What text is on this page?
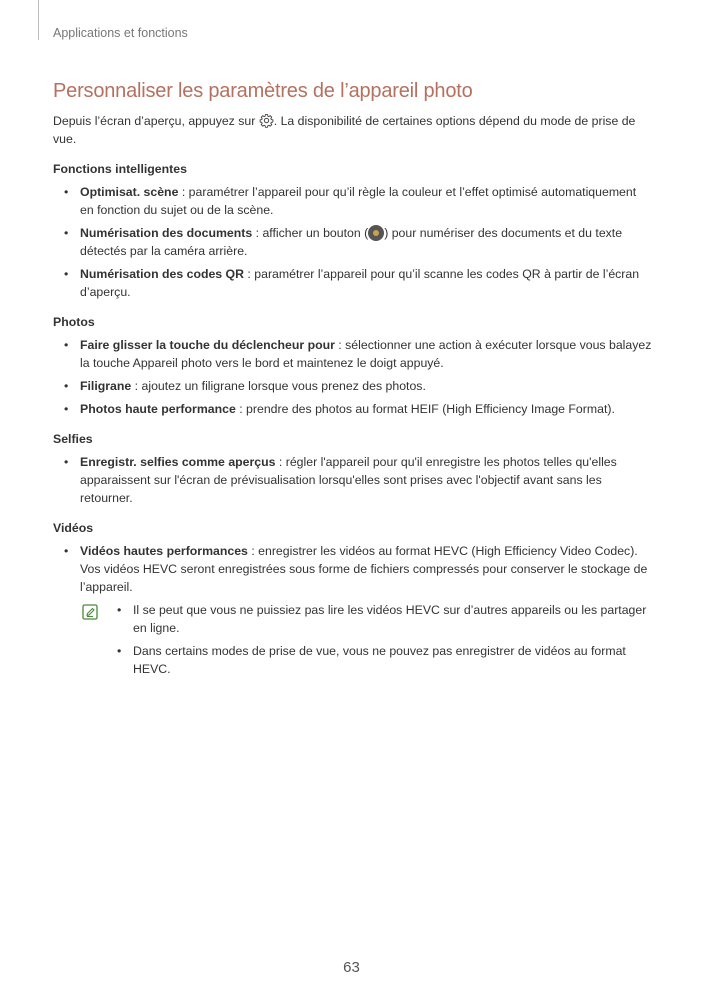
Applications et fonctions
Personnaliser les paramètres de l’appareil photo

Depuis l’écran d’aperçu, appuyez sur . La disponibilité de certaines options dépend du mode de prise de vue.

Fonctions intelligentes
• Optimisat. scène : paramétrer l’appareil pour qu’il règle la couleur et l’effet optimisé automatiquement en fonction du sujet ou de la scène.
• Numérisation des documents : afficher un bouton ( ) pour numériser des documents et du texte détectés par la caméra arrière.
• Numérisation des codes QR : paramétrer l’appareil pour qu’il scanne les codes QR à partir de l’écran d’aperçu.
Photos
• Faire glisser la touche du déclencheur pour : sélectionner une action à exécuter lorsque vous balayez la touche Appareil photo vers le bord et maintenez le doigt appuyé.
• Filigrane : ajoutez un filigrane lorsque vous prenez des photos.
• Photos haute performance : prendre des photos au format HEIF (High Efficiency Image Format).
Selfies
• Enregistr. selfies comme aperçus : régler l'appareil pour qu'il enregistre les photos telles qu'elles apparaissent sur l'écran de prévisualisation lorsqu'elles sont prises avec l'objectif avant sans les retourner.
Vidéos
• Vidéos hautes performances : enregistrer les vidéos au format HEVC (High Efficiency Video Codec). Vos vidéos HEVC seront enregistrées sous forme de fichiers compressés pour conserver le stockage de l’appareil.
• Il se peut que vous ne puissiez pas lire les vidéos HEVC sur d’autres appareils ou les partager en ligne.
• Dans certains modes de prise de vue, vous ne pouvez pas enregistrer de vidéos au format HEVC.
63
